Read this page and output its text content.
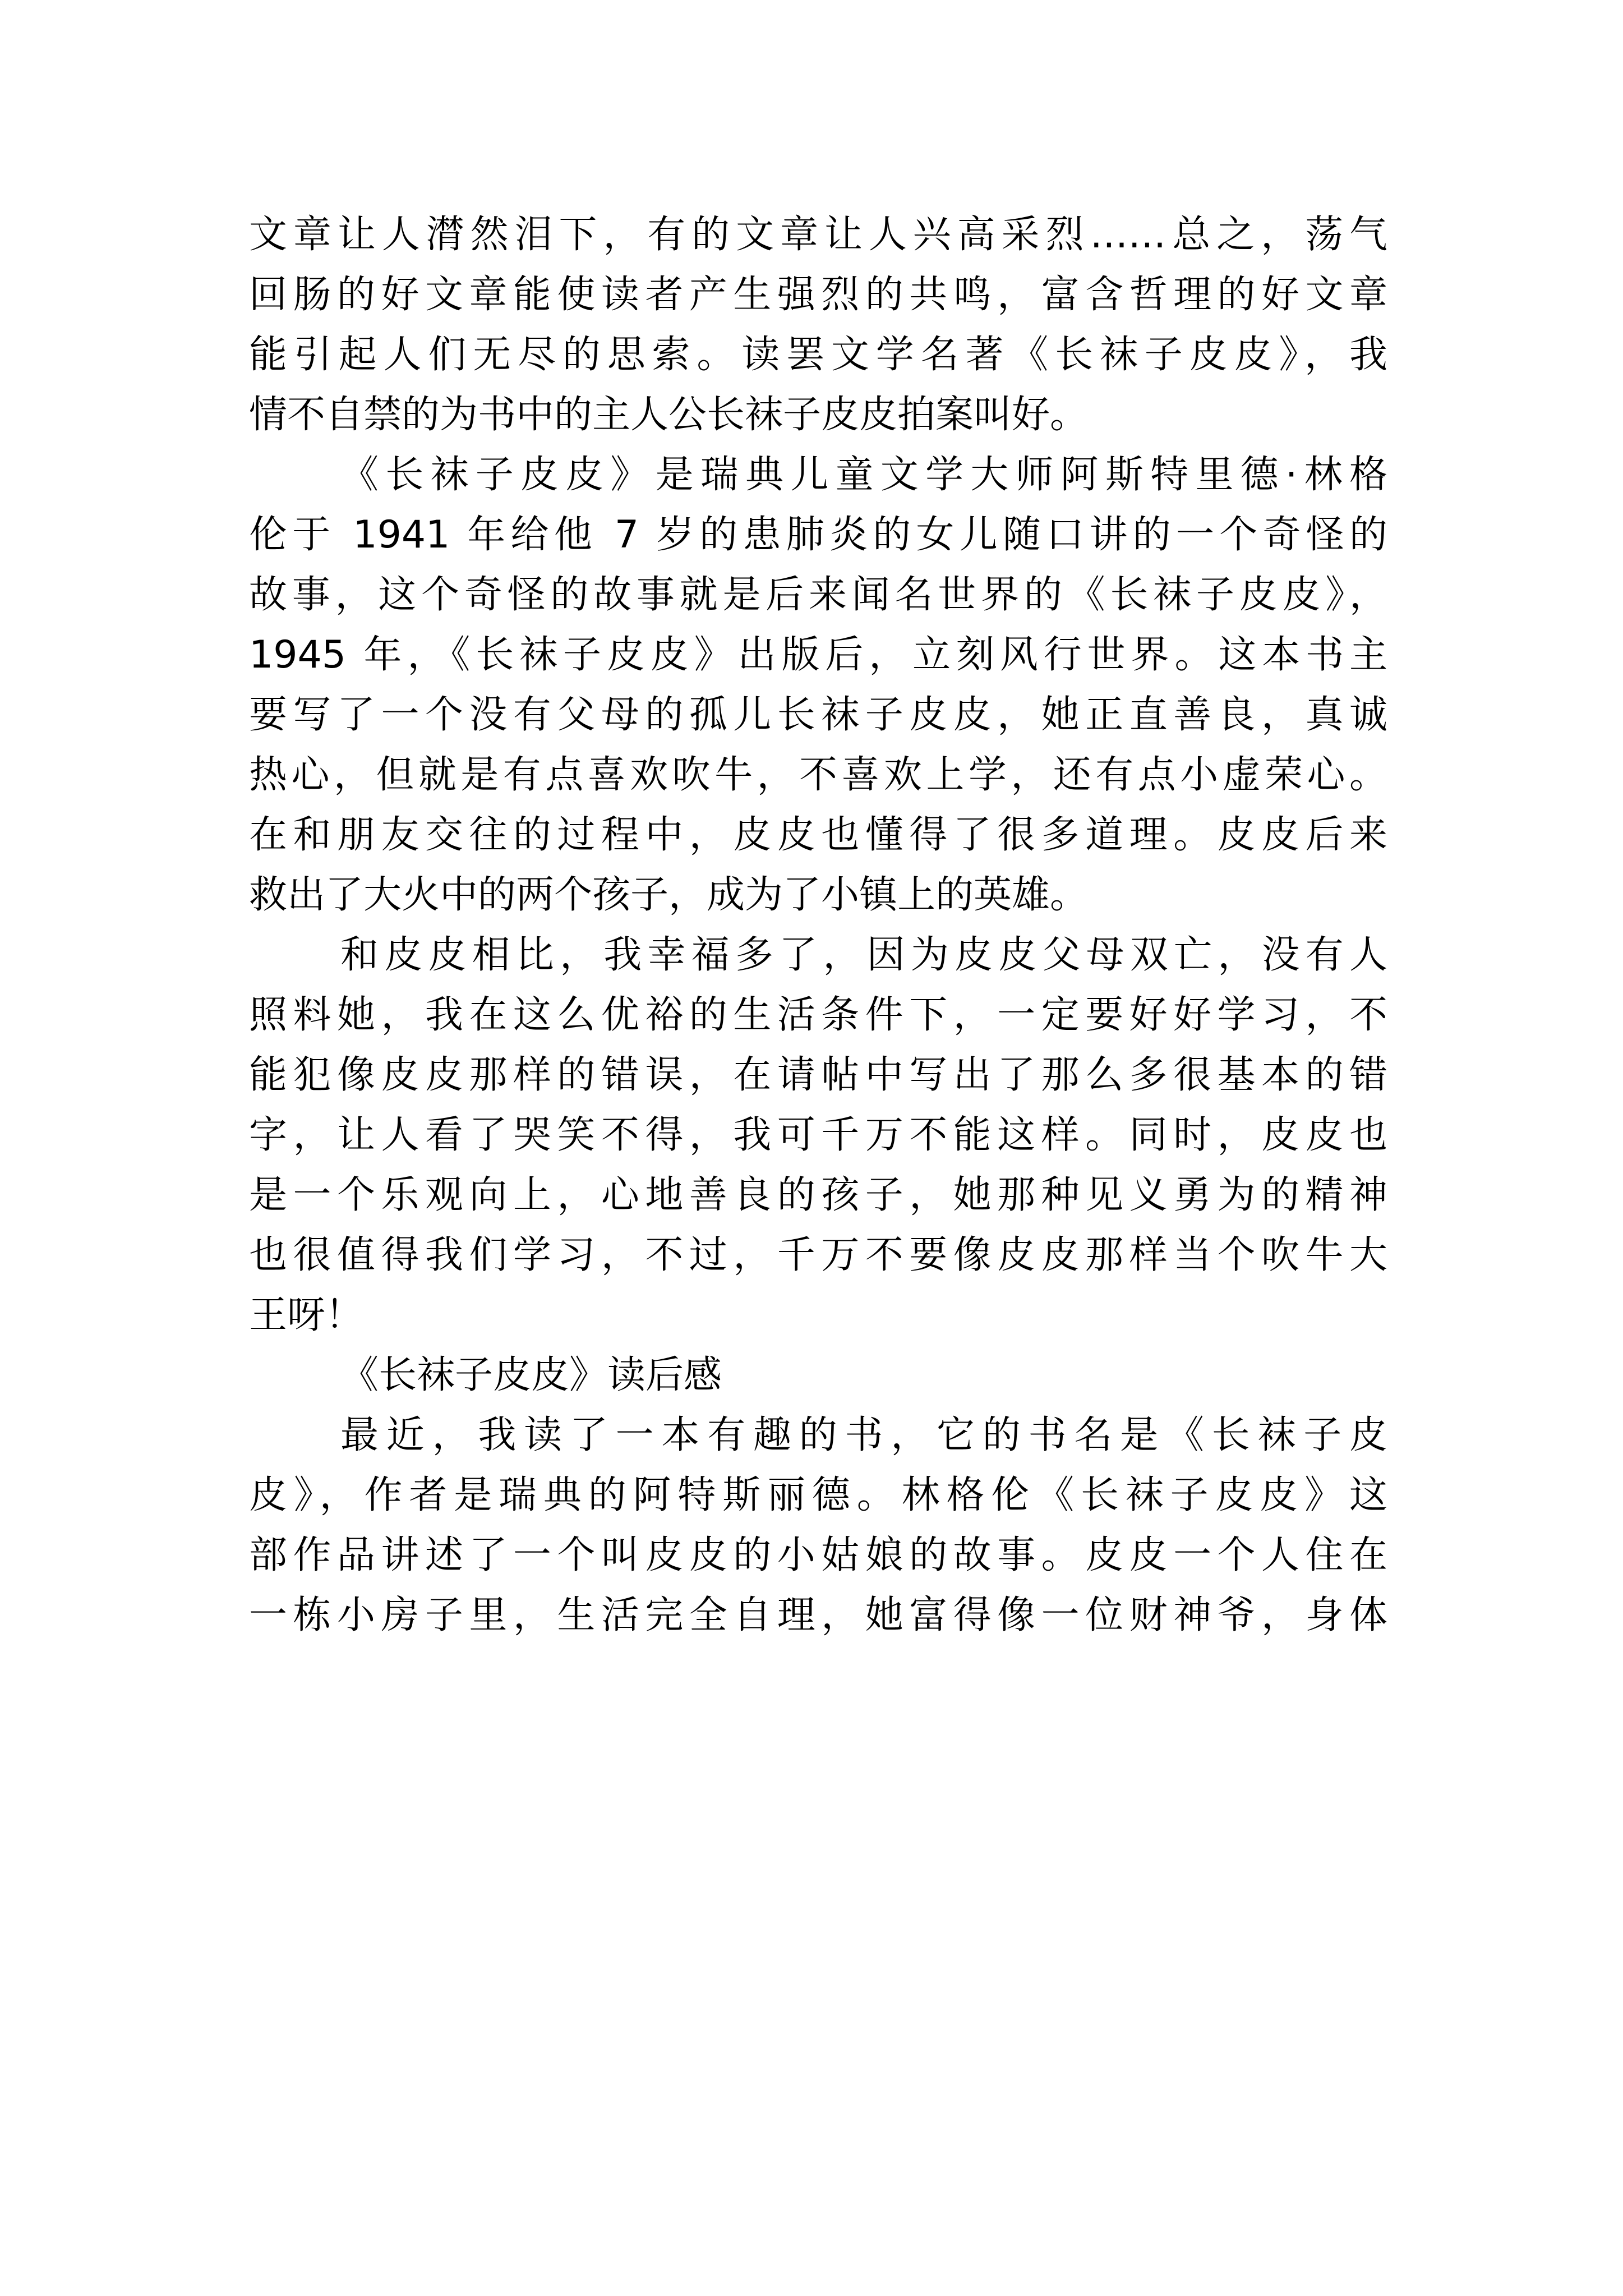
文章让人潸然泪下，有的文章让人兴高采烈……总之，荡气
回肠的好文章能使读者产生强烈的共鸣，富含哲理的好文章
能引起人们无尽的思索。读罢文学名著《长袜子皮皮》，我
情不自禁的为书中的主人公长袜子皮皮拍案叫好。
《长袜子皮皮》是瑞典儿童文学大师阿斯特里德·林格
伦于 1941 年给他 7 岁的患肺炎的女儿随口讲的一个奇怪的
故事，这个奇怪的故事就是后来闻名世界的《长袜子皮皮》，
1945 年，《长袜子皮皮》出版后，立刻风行世界。这本书主
要写了一个没有父母的孤儿长袜子皮皮，她正直善良，真诚
热心，但就是有点喜欢吹牛，不喜欢上学，还有点小虚荣心。
在和朋友交往的过程中，皮皮也懂得了很多道理。皮皮后来
救出了大火中的两个孩子，成为了小镇上的英雄。
和皮皮相比，我幸福多了，因为皮皮父母双亡，没有人
照料她，我在这么优裕的生活条件下，一定要好好学习，不
能犯像皮皮那样的错误，在请帖中写出了那么多很基本的错
字，让人看了哭笑不得，我可千万不能这样。同时，皮皮也
是一个乐观向上，心地善良的孩子，她那种见义勇为的精神
也很值得我们学习，不过，千万不要像皮皮那样当个吹牛大
王呀！
《长袜子皮皮》读后感
最近，我读了一本有趣的书，它的书名是《长袜子皮
皮》，作者是瑞典的阿特斯丽德。林格伦《长袜子皮皮》这
部作品讲述了一个叫皮皮的小姑娘的故事。皮皮一个人住在
一栋小房子里，生活完全自理，她富得像一位财神爷，身体
